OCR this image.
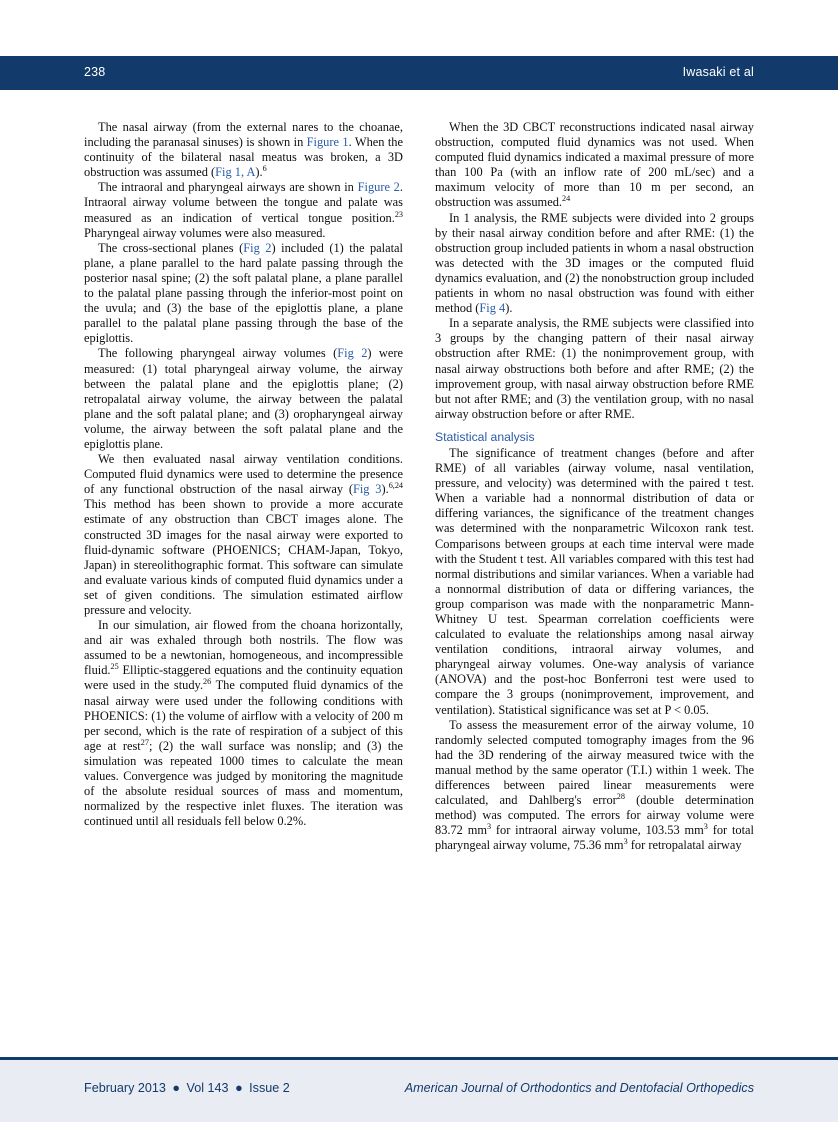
238	Iwasaki et al

The nasal airway (from the external nares to the choanae, including the paranasal sinuses) is shown in Figure 1. When the continuity of the bilateral nasal meatus was broken, a 3D obstruction was assumed (Fig 1, A).$^6$

The intraoral and pharyngeal airways are shown in Figure 2. Intraoral airway volume between the tongue and palate was measured as an indication of vertical tongue position.$^{23}$ Pharyngeal airway volumes were also measured.

The cross-sectional planes (Fig 2) included (1) the palatal plane, a plane parallel to the hard palate passing through the posterior nasal spine; (2) the soft palatal plane, a plane parallel to the palatal plane passing through the inferior-most point on the uvula; and (3) the base of the epiglottis plane, a plane parallel to the palatal plane passing through the base of the epiglottis.

The following pharyngeal airway volumes (Fig 2) were measured: (1) total pharyngeal airway volume, the airway between the palatal plane and the epiglottis plane; (2) retropalatal airway volume, the airway between the palatal plane and the soft palatal plane; and (3) oropharyngeal airway volume, the airway between the soft palatal plane and the epiglottis plane.

We then evaluated nasal airway ventilation conditions. Computed fluid dynamics were used to determine the presence of any functional obstruction of the nasal airway (Fig 3).$^{6,24}$ This method has been shown to provide a more accurate estimate of any obstruction than CBCT images alone. The constructed 3D images for the nasal airway were exported to fluid-dynamic software (PHOENICS; CHAM-Japan, Tokyo, Japan) in stereolithographic format. This software can simulate and evaluate various kinds of computed fluid dynamics under a set of given conditions. The simulation estimated airflow pressure and velocity.

In our simulation, air flowed from the choana horizontally, and air was exhaled through both nostrils. The flow was assumed to be a newtonian, homogeneous, and incompressible fluid.$^{25}$ Elliptic-staggered equations and the continuity equation were used in the study.$^{26}$ The computed fluid dynamics of the nasal airway were used under the following conditions with PHOENICS: (1) the volume of airflow with a velocity of 200 m per second, which is the rate of respiration of a subject of this age at rest$^{27}$; (2) the wall surface was nonslip; and (3) the simulation was repeated 1000 times to calculate the mean values. Convergence was judged by monitoring the magnitude of the absolute residual sources of mass and momentum, normalized by the respective inlet fluxes. The iteration was continued until all residuals fell below 0.2%.

When the 3D CBCT reconstructions indicated nasal airway obstruction, computed fluid dynamics was not used. When computed fluid dynamics indicated a maximal pressure of more than 100 Pa (with an inflow rate of 200 mL/sec) and a maximum velocity of more than 10 m per second, an obstruction was assumed.$^{24}$

In 1 analysis, the RME subjects were divided into 2 groups by their nasal airway condition before and after RME: (1) the obstruction group included patients in whom a nasal obstruction was detected with the 3D images or the computed fluid dynamics evaluation, and (2) the nonobstruction group included patients in whom no nasal obstruction was found with either method (Fig 4).

In a separate analysis, the RME subjects were classified into 3 groups by the changing pattern of their nasal airway obstruction after RME: (1) the nonimprovement group, with nasal airway obstructions both before and after RME; (2) the improvement group, with nasal airway obstruction before RME but not after RME; and (3) the ventilation group, with no nasal airway obstruction before or after RME.

Statistical analysis

The significance of treatment changes (before and after RME) of all variables (airway volume, nasal ventilation, pressure, and velocity) was determined with the paired t test. When a variable had a nonnormal distribution of data or differing variances, the significance of the treatment changes was determined with the nonparametric Wilcoxon rank test. Comparisons between groups at each time interval were made with the Student t test. All variables compared with this test had normal distributions and similar variances. When a variable had a nonnormal distribution of data or differing variances, the group comparison was made with the nonparametric Mann-Whitney U test. Spearman correlation coefficients were calculated to evaluate the relationships among nasal airway ventilation conditions, intraoral airway volumes, and pharyngeal airway volumes. One-way analysis of variance (ANOVA) and the post-hoc Bonferroni test were used to compare the 3 groups (nonimprovement, improvement, and ventilation). Statistical significance was set at P < 0.05.

To assess the measurement error of the airway volume, 10 randomly selected computed tomography images from the 96 had the 3D rendering of the airway measured twice with the manual method by the same operator (T.I.) within 1 week. The differences between paired linear measurements were calculated, and Dahlberg's error$^{28}$ (double determination method) was computed. The errors for airway volume were 83.72 $mm^3$ for intraoral airway volume, 103.53 $mm^3$ for total pharyngeal airway volume, 75.36 $mm^3$ for retropalatal airway

February 2013 ● Vol 143 ● Issue 2	American Journal of Orthodontics and Dentofacial Orthopedics
